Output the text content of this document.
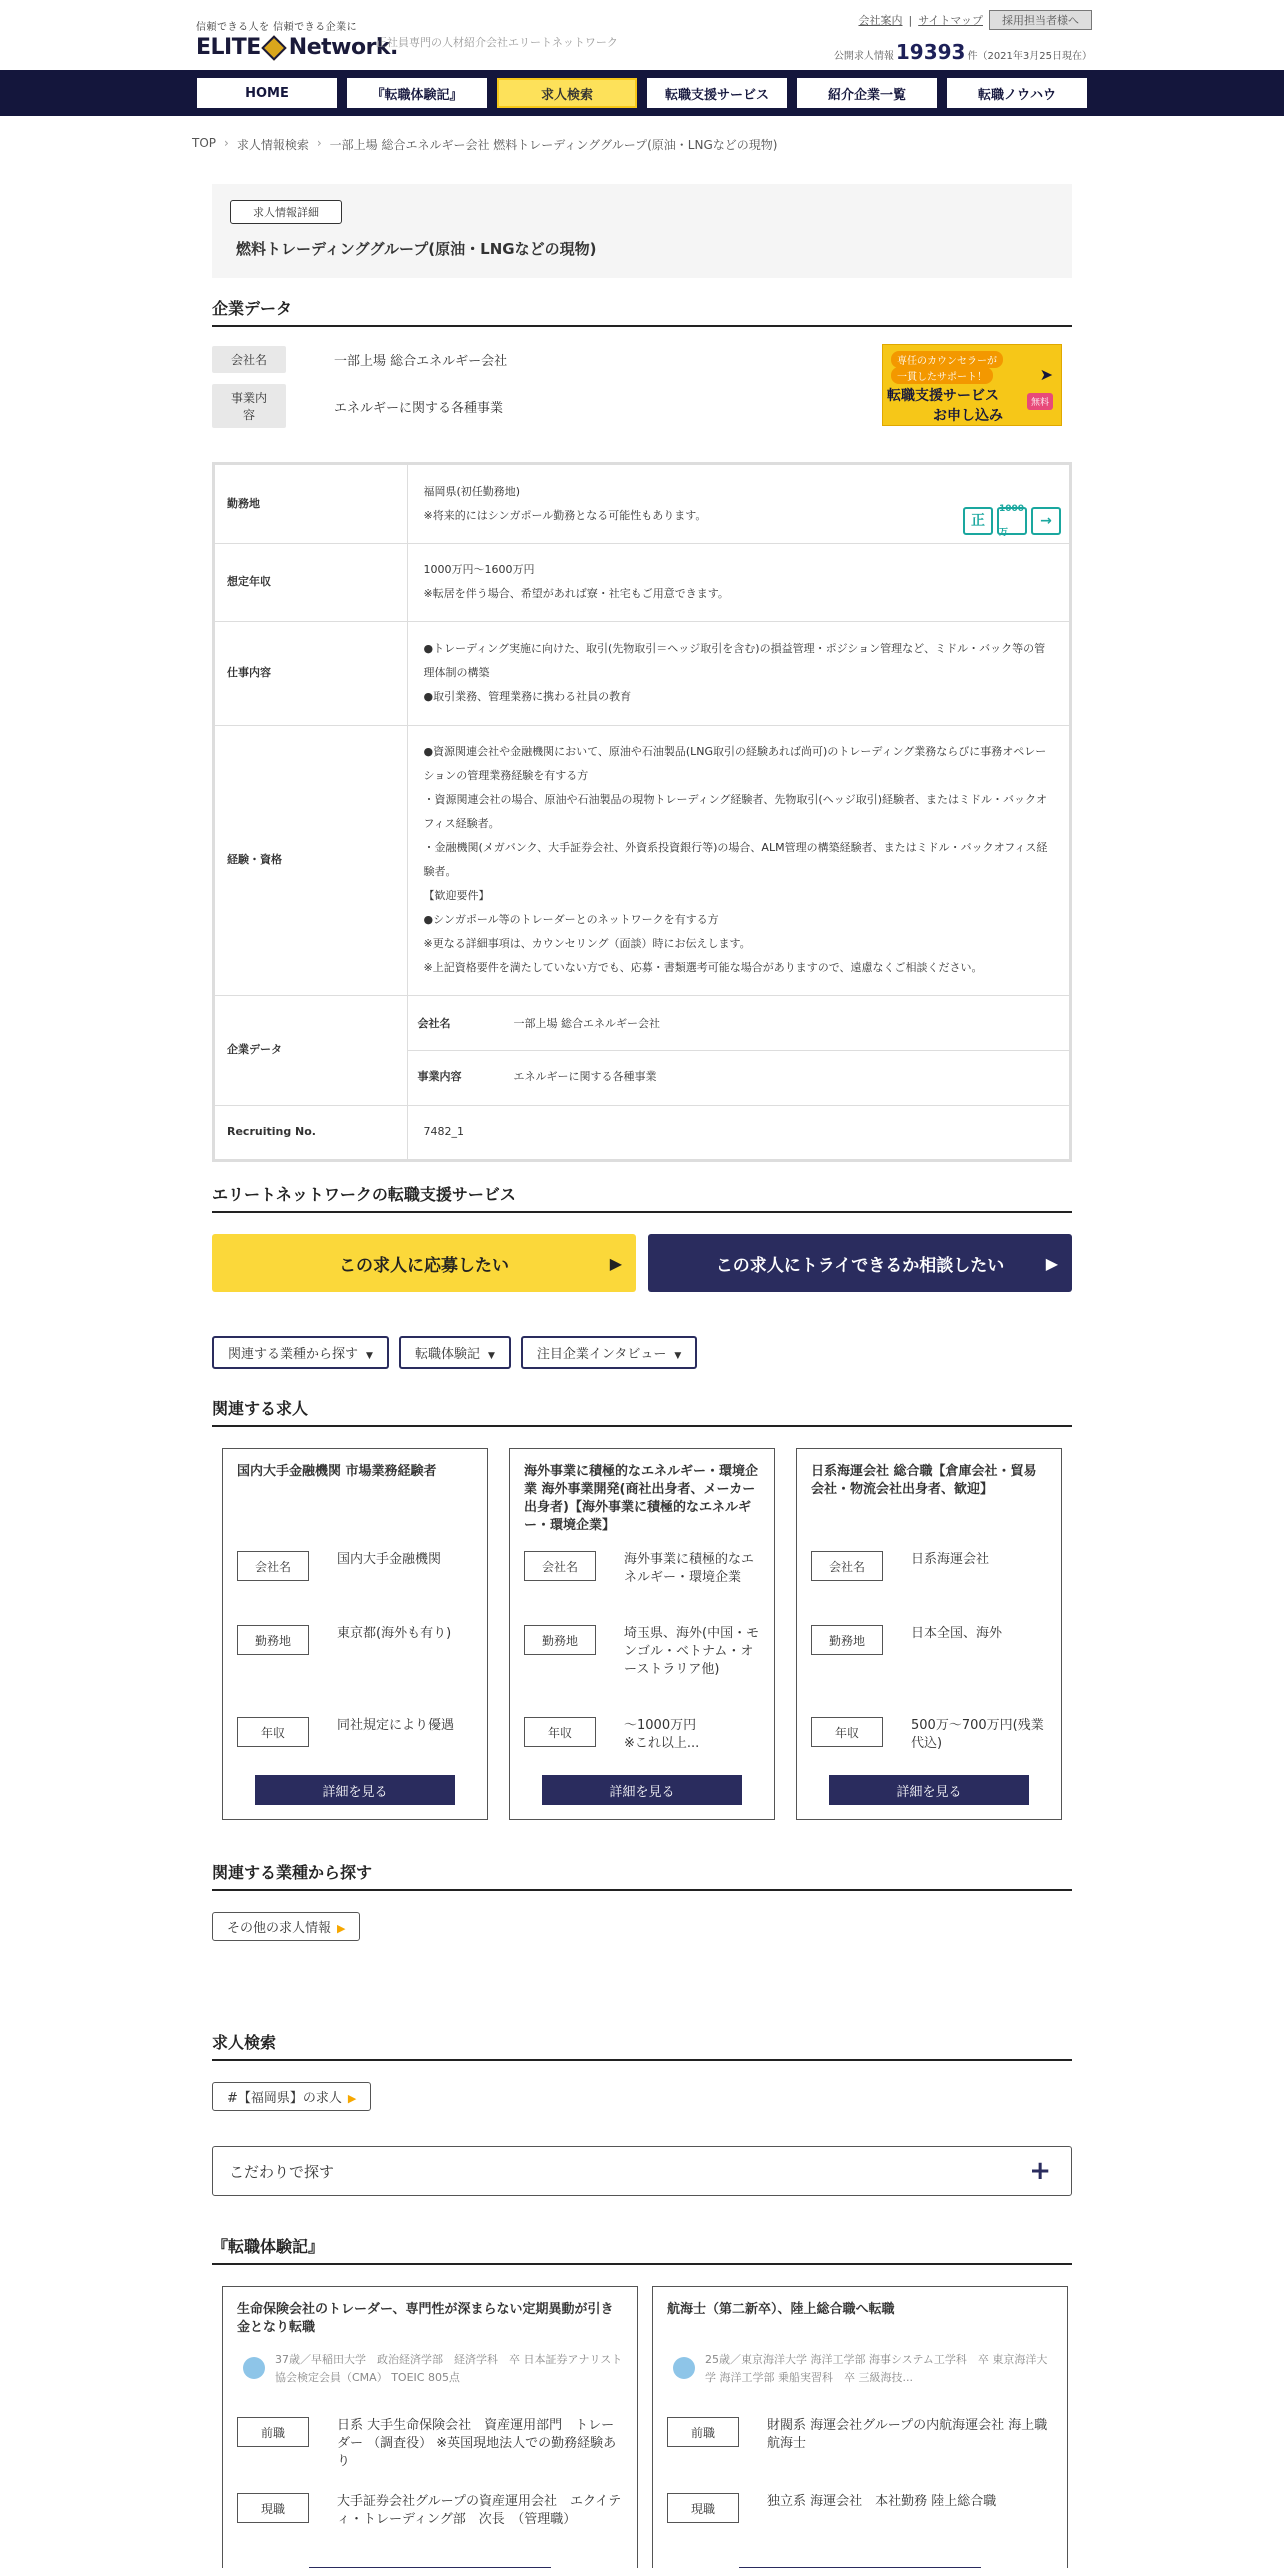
信頼できる人を 信頼できる企業に
ELITE Network.
正社員専門の人材紹介会社エリートネットワーク
会社案内 | サイトマップ	採用担当者様へ
公開求人情報 19393 件（2021年3月25日現在）
HOME	『転職体験記』	求人検索	転職支援サービス	紹介企業一覧	転職ノウハウ
TOP › 求人情報検索 › 一部上場 総合エネルギー会社 燃料トレーディンググループ(原油・LNGなどの現物)
求人情報詳細
燃料トレーディンググループ(原油・LNGなどの現物)
企業データ
会社名	一部上場 総合エネルギー会社
事業内容	エネルギーに関する各種事業
専任のカウンセラーが
一貫したサポート！	➤
転職支援サービス
お申し込み
無料
勤務地	
福岡県(初任勤務地)
※将来的にはシンガポール勤務となる可能性もあります。	正
1000万
→

想定年収	
1000万円〜1600万円
※転居を伴う場合、希望があれば寮・社宅もご用意できます。

仕事内容	
●トレーディング実施に向けた、取引(先物取引＝ヘッジ取引を含む)の損益管理・ポジション管理など、ミドル・バック等の管理体制の構築
●取引業務、管理業務に携わる社員の教育

経験・資格	
●資源関連会社や金融機関において、原油や石油製品(LNG取引の経験あれば尚可)のトレーディング業務ならびに事務オペレーションの管理業務経験を有する方
・資源関連会社の場合、原油や石油製品の現物トレーディング経験者、先物取引(ヘッジ取引)経験者、またはミドル・バックオフィス経験者。
・金融機関(メガバンク、大手証券会社、外資系投資銀行等)の場合、ALM管理の構築経験者、またはミドル・バックオフィス経験者。
【歓迎要件】
●シンガポール等のトレーダーとのネットワークを有する方
※更なる詳細事項は、カウンセリング（面談）時にお伝えします。
※上記資格要件を満たしていない方でも、応募・書類選考可能な場合がありますので、遠慮なくご相談ください。

企業データ	
会社名	一部上場 総合エネルギー会社
事業内容	エネルギーに関する各種事業

Recruiting No.	7482_1
エリートネットワークの転職支援サービス
この求人に応募したい	▶	この求人にトライできるか相談したい	▶
関連する業種から探す ▼	転職体験記 ▼	注目企業インタビュー ▼
関連する求人
国内大手金融機関 市場業務経験者
会社名	国内大手金融機関
勤務地	東京都(海外も有り)
年収	同社規定により優遇
詳細を見る
海外事業に積極的なエネルギー・環境企業 海外事業開発(商社出身者、メーカー出身者)【海外事業に積極的なエネルギー・環境企業】
会社名	海外事業に積極的なエネルギー・環境企業
勤務地	埼玉県、海外(中国・モンゴル・ベトナム・オーストラリア他)
年収	〜1000万円
※これ以上...
詳細を見る
日系海運会社 総合職【倉庫会社・貿易会社・物流会社出身者、歓迎】
会社名	日系海運会社
勤務地	日本全国、海外
年収	500万〜700万円(残業代込)
詳細を見る
関連する業種から探す
その他の求人情報 ▶
求人検索
#【福岡県】の求人 ▶
こだわりで探す	+
『転職体験記』
生命保険会社のトレーダー、専門性が深まらない定期異動が引き金となり転職
37歳／早稲田大学　政治経済学部　経済学科　卒 日本証券アナリスト協会検定会員（CMA） TOEIC 805点
前職	日系 大手生命保険会社　資産運用部門　トレーダー （調査役） ※英国現地法人での勤務経験あり
現職	大手証券会社グループの資産運用会社　エクイティ・トレーディング部　次長　（管理職）
航海士（第二新卒）、陸上総合職へ転職
25歳／東京海洋大学 海洋工学部 海事システム工学科　卒 東京海洋大学 海洋工学部 乗船実習科　卒 三級海技...
前職	財閥系 海運会社グループの内航海運会社 海上職 航海士
現職	独立系 海運会社　本社勤務 陸上総合職
